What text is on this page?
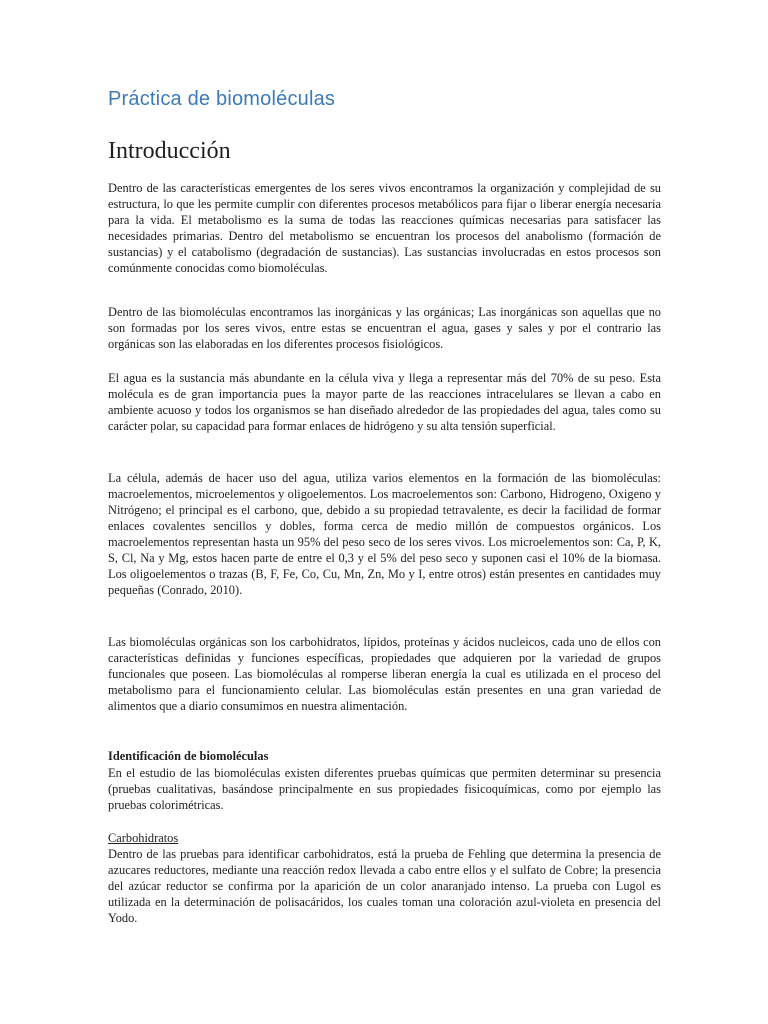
Práctica de biomoléculas
Introducción

Dentro de las características emergentes de los seres vivos encontramos la organización y complejidad de su estructura, lo que les permite cumplir con diferentes procesos metabólicos para fijar o liberar energía necesaria para la vida. El metabolismo es la suma de todas las reacciones químicas necesarias para satisfacer las necesidades primarias. Dentro del metabolismo se encuentran los procesos del anabolismo (formación de sustancias) y el catabolismo (degradación de sustancias). Las sustancias involucradas en estos procesos son comúnmente conocidas como biomoléculas.

Dentro de las biomoléculas encontramos las inorgánicas y las orgánicas; Las inorgánicas son aquellas que no son formadas por los seres vivos, entre estas se encuentran el agua, gases y sales y por el contrario las orgánicas son las elaboradas en los diferentes procesos fisiológicos.

El agua es la sustancia más abundante en la célula viva y llega a representar más del 70% de su peso. Esta molécula es de gran importancia pues la mayor parte de las reacciones intracelulares se llevan a cabo en ambiente acuoso y todos los organismos se han diseñado alrededor de las propiedades del agua, tales como su carácter polar, su capacidad para formar enlaces de hidrógeno y su alta tensión superficial.

La célula, además de hacer uso del agua, utiliza varios elementos en la formación de las biomoléculas: macroelementos, microelementos y oligoelementos. Los macroelementos son: Carbono, Hidrogeno, Oxigeno y Nitrógeno; el principal es el carbono, que, debido a su propiedad tetravalente, es decir la facilidad de formar enlaces covalentes sencillos y dobles, forma cerca de medio millón de compuestos orgánicos. Los macroelementos representan hasta un 95% del peso seco de los seres vivos. Los microelementos son: Ca, P, K, S, Cl, Na y Mg, estos hacen parte de entre el 0,3 y el 5% del peso seco y suponen casi el 10% de la biomasa. Los oligoelementos o trazas (B, F, Fe, Co, Cu, Mn, Zn, Mo y I, entre otros) están presentes en cantidades muy pequeñas (Conrado, 2010).

Las biomoléculas orgánicas son los carbohidratos, lípidos, proteínas y ácidos nucleicos, cada uno de ellos con características definidas y funciones específicas, propiedades que adquieren por la variedad de grupos funcionales que poseen. Las biomoléculas al romperse liberan energía la cual es utilizada en el proceso del metabolismo para el funcionamiento celular. Las biomoléculas están presentes en una gran variedad de alimentos que a diario consumimos en nuestra alimentación.

Identificación de biomoléculas

En el estudio de las biomoléculas existen diferentes pruebas químicas que permiten determinar su presencia (pruebas cualitativas, basándose principalmente en sus propiedades fisicoquímicas, como por ejemplo las pruebas colorimétricas.

Carbohidratos

Dentro de las pruebas para identificar carbohidratos, está la prueba de Fehling que determina la presencia de azucares reductores, mediante una reacción redox llevada a cabo entre ellos y el sulfato de Cobre; la presencia del azúcar reductor se confirma por la aparición de un color anaranjado intenso. La prueba con Lugol es utilizada en la determinación de polisacáridos, los cuales toman una coloración azul-violeta en presencia del Yodo.
